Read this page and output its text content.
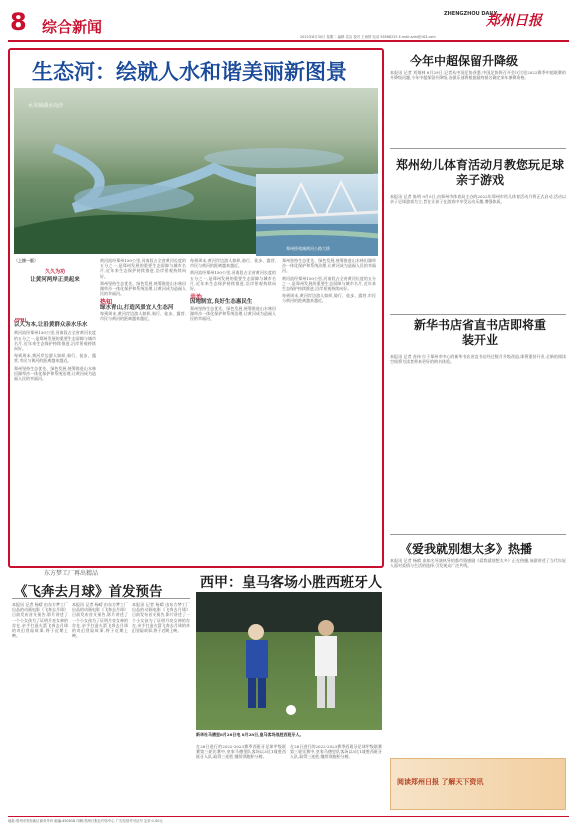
8 综合新闻
ZHENGZHOU DAILY
郑州日报
2022年8月30日 星期二 编辑 袁洁 校对 王雨婷 电话 56568225 E-mail:zzrb@163.com
生态河：绘就人水和谐美丽新图景
水美鼎湖水岗沙
（上接一版）
久久为功
让黄河两岸正美起来
郑州桥苑城黄河公路大桥
冷知
以人为本,让沿黄群众亲水乐水
黄河流经郑州150公里,河南段占全省黄河长度的五分之一,是郑州发展的重要生态屏障与城市名片,近年来生态保护持续推进,沿岸景观持续向好。
每到周末,黄河岸边游人如织,骑行、徒步、露营,市民与黄河的距离越来越近。
郑州坚持生态优先、绿色发展,统筹推进山水林田湖草沙一体化保护和系统治理,让黄河成为造福人民的幸福河。
黄河流经郑州150公里,河南段占全省黄河长度的五分之一,是郑州发展的重要生态屏障与城市名片,近年来生态保护持续推进,沿岸景观持续向好。
郑州坚持生态优先、绿色发展,统筹推进山水林田湖草沙一体化保护和系统治理,让黄河成为造福人民的幸福河。
热知
绿水青山,打造风景宜人生态河
每到周末,黄河岸边游人如织,骑行、徒步、露营,市民与黄河的距离越来越近。
每到周末,黄河岸边游人如织,骑行、徒步、露营,市民与黄河的距离越来越近。
黄河流经郑州150公里,河南段占全省黄河长度的五分之一,是郑州发展的重要生态屏障与城市名片,近年来生态保护持续推进,沿岸景观持续向好。
共治
因地制宜,良好生态惠民生
郑州坚持生态优先、绿色发展,统筹推进山水林田湖草沙一体化保护和系统治理,让黄河成为造福人民的幸福河。
郑州坚持生态优先、绿色发展,统筹推进山水林田湖草沙一体化保护和系统治理,让黄河成为造福人民的幸福河。
黄河流经郑州150公里,河南段占全省黄河长度的五分之一,是郑州发展的重要生态屏障与城市名片,近年来生态保护持续推进,沿岸景观持续向好。
每到周末,黄河岸边游人如织,骑行、徒步、露营,市民与黄河的距离越来越近。
今年中超保留升降级
本报讯 记者 刘翔林 8月29日,记者从中国足协获悉,中国足协将召开会议讨论2022赛季中超联赛的升降级问题,今年中超保留升降级,各俱乐部将根据最终排名确定来年参赛资格。
郑州幼儿体育活动月教您玩足球亲子游戏
本报讯 记者 陈明 9月5日,由郑州市体育局主办的2022年郑州市幼儿体育活动月将正式启动,活动以亲子足球游戏为主,旨在让孩子在游戏中享受运动乐趣,增强体质。
新华书店省直书店即将重装开业
本报讯 记者 苏伟 位于郑州市中心的新华书店省直书店经过数月升级改造,即将重装开业,全新的阅读空间将为读者带来更好的购书体验。
《爱我就别想太多》热播
本报讯 记者 杨晴 由知名导演执导的都市情感剧《爱我就别想太多》正在热播,该剧讲述了当代年轻人面对爱情与生活的选择,引发观众广泛共鸣。
阅读郑州日报 了解天下资讯
东方梦工厂再出精品
《飞奔去月球》首发预告
本报讯 记者 杨晴 由东方梦工厂出品的动画电影《飞奔去月球》日前发布首支预告,影片讲述了一个小女孩为了证明月亮女神的存在,亲手打造火箭飞奔去月球的奇幻冒险故事,将于近期上映。
本报讯 记者 杨晴 由东方梦工厂出品的动画电影《飞奔去月球》日前发布首支预告,影片讲述了一个小女孩为了证明月亮女神的存在,亲手打造火箭飞奔去月球的奇幻冒险故事,将于近期上映。
本报讯 记者 杨晴 由东方梦工厂出品的动画电影《飞奔去月球》日前发布首支预告,影片讲述了一个小女孩为了证明月亮女神的存在,亲手打造火箭飞奔去月球的奇幻冒险故事,将于近期上映。
西甲：皇马客场小胜西班牙人
新华社马德里8月28日电 8月28日,皇马客场战胜西班牙人。
在28日进行的2022-2023赛季西班牙足球甲级联赛第三轮比赛中,皇家马德里队客场以3比1战胜西班牙人队,取得三连胜,继续领跑积分榜。
在28日进行的2022-2023赛季西班牙足球甲级联赛第三轮比赛中,皇家马德里队客场以3比1战胜西班牙人队,取得三连胜,继续领跑积分榜。
地址:郑州市郑东新区商务外环 邮编:450018 印刷:郑州日报社印务中心 广告经营许可证号 定价:1.00元
